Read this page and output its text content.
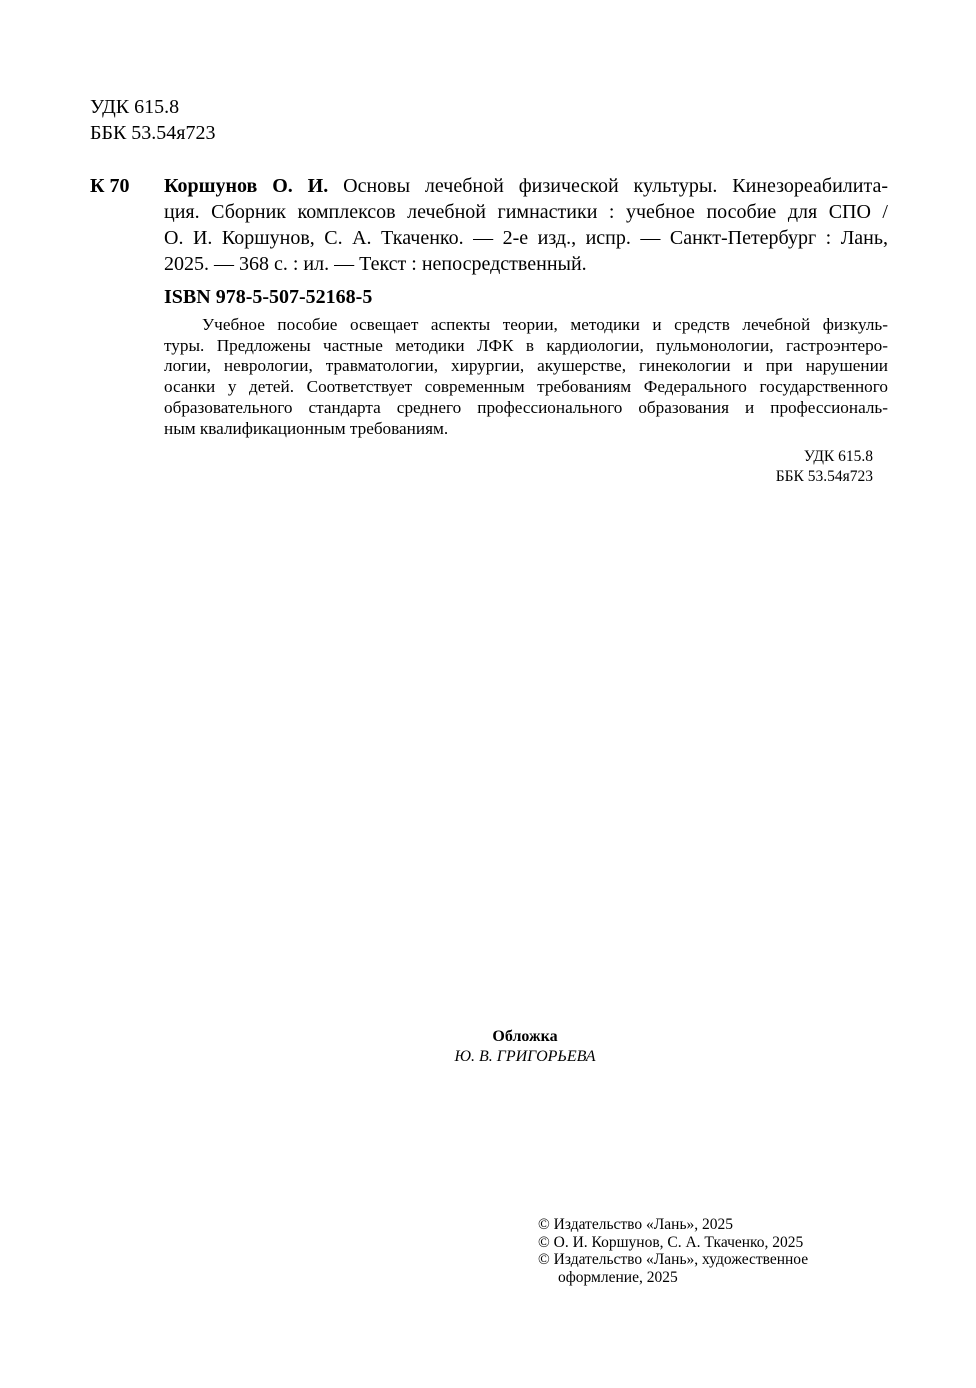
УДК 615.8
ББК 53.54я723
К 70 Коршунов О. И. Основы лечебной физической культуры. Кинезореабилита-
ция. Сборник комплексов лечебной гимнастики : учебное пособие для СПО /
О. И. Коршунов, С. А. Ткаченко. — 2-е изд., испр. — Санкт-Петербург : Лань,
2025. — 368 с. : ил. — Текст : непосредственный.
ISBN 978-5-507-52168-5
Учебное пособие освещает аспекты теории, методики и средств лечебной физкуль-
туры. Предложены частные методики ЛФК в кардиологии, пульмонологии, гастроэнтеро-
логии, неврологии, травматологии, хирургии, акушерстве, гинекологии и при нарушении
осанки у детей. Соответствует современным требованиям Федерального государственного
образовательного стандарта среднего профессионального образования и профессиональ-
ным квалификационным требованиям.
УДК 615.8
ББК 53.54я723
Обложка
Ю. В. ГРИГОРЬЕВА
© Издательство «Лань», 2025
© О. И. Коршунов, С. А. Ткаченко, 2025
© Издательство «Лань», художественное
оформление, 2025
